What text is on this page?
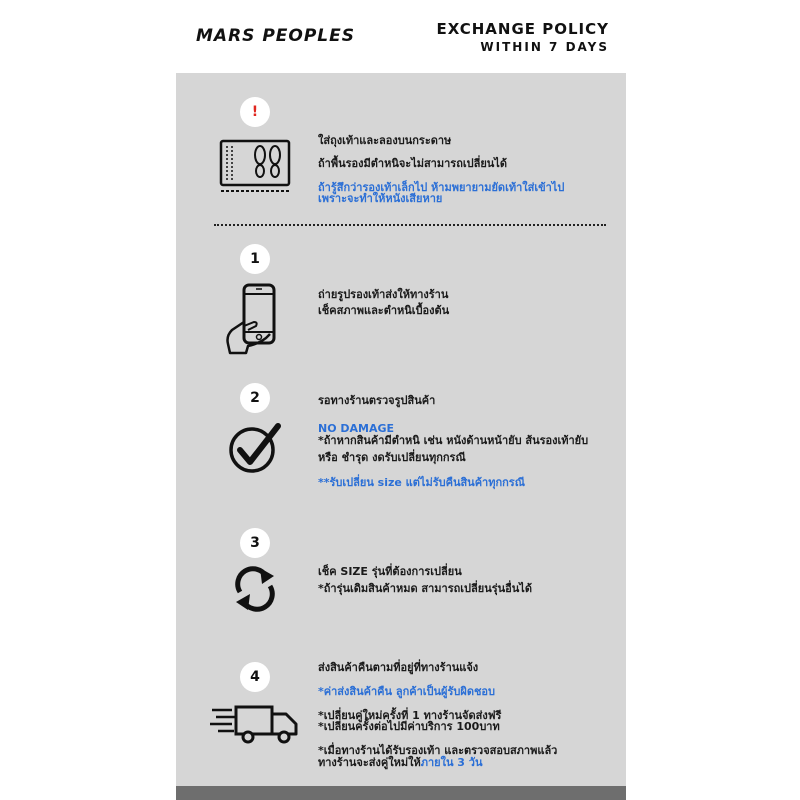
MARS PEOPLES	EXCHANGE POLICY
WITHIN 7 DAYS
!
ใส่ถุงเท้าและลองบนกระดาษ
ถ้าพื้นรองมีตำหนิจะไม่สามารถเปลี่ยนได้
ถ้ารู้สึกว่ารองเท้าเล็กไป ห้ามพยายามยัดเท้าใส่เข้าไป
เพราะจะทำให้หนังเสียหาย
1
ถ่ายรูปรองเท้าส่งให้ทางร้าน
เช็คสภาพและตำหนิเบื้องต้น
2	รอทางร้านตรวจรูปสินค้า
NO DAMAGE
*ถ้าหากสินค้ามีตำหนิ เช่น หนังด้านหน้ายับ ส้นรองเท้ายับ
หรือ ชำรุด งดรับเปลี่ยนทุกกรณี
**รับเปลี่ยน size แต่ไม่รับคืนสินค้าทุกกรณี
3
เช็ค SIZE รุ่นที่ต้องการเปลี่ยน
*ถ้ารุ่นเดิมสินค้าหมด สามารถเปลี่ยนรุ่นอื่นได้
4
ส่งสินค้าคืนตามที่อยู่ที่ทางร้านแจ้ง
*ค่าส่งสินค้าคืน ลูกค้าเป็นผู้รับผิดชอบ
*เปลี่ยนคู่ใหม่ครั้งที่ 1 ทางร้านจัดส่งฟรี
*เปลี่ยนครั้งต่อไปมีค่าบริการ 100บาท
*เมื่อทางร้านได้รับรองเท้า และตรวจสอบสภาพแล้ว
ทางร้านจะส่งคู่ใหม่ให้ภายใน 3 วัน
